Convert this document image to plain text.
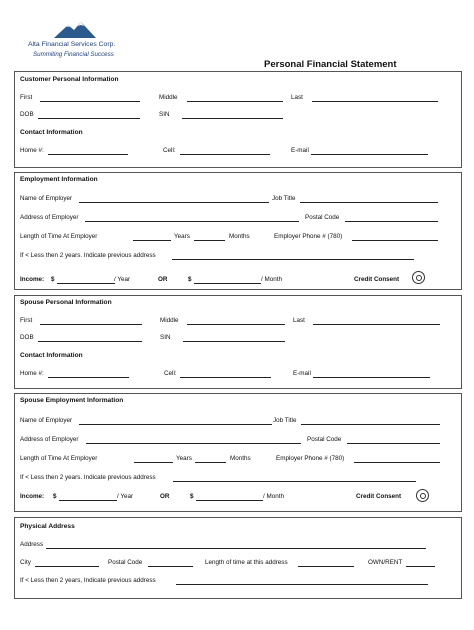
Alta Financial Services Corp.
Summiting Financial Success
Personal Financial Statement
Customer Personal Information
First	Middle	Last
DOB	SIN
Contact Information
Home #:	Cell:	E-mail
Employment Information
Name of Employer	Job Title
Address of Employer	Postal Code
Length of Time At Employer	Years	Months	Employer Phone # (780)
If < Less then 2 years. Indicate previous address
Income: $	/ Year	OR	$	/ Month	Credit Consent
Spouse Personal Information
First	Middle	Last
DOB	SIN
Contact Information
Home #:	Cell:	E-mail
Spouse Employment Information
Name of Employer	Job Title
Address of Employer	Postal Code
Length of Time At Employer	Years	Months	Employer Phone # (780)
If < Less then 2 years. Indicate previous address
Income: $	/ Year	OR	$	/ Month	Credit Consent
Physical Address
Address
City	Postal Code	Length of time at this address	OWN/RENT
If < Less then 2 years, Indicate previous address
